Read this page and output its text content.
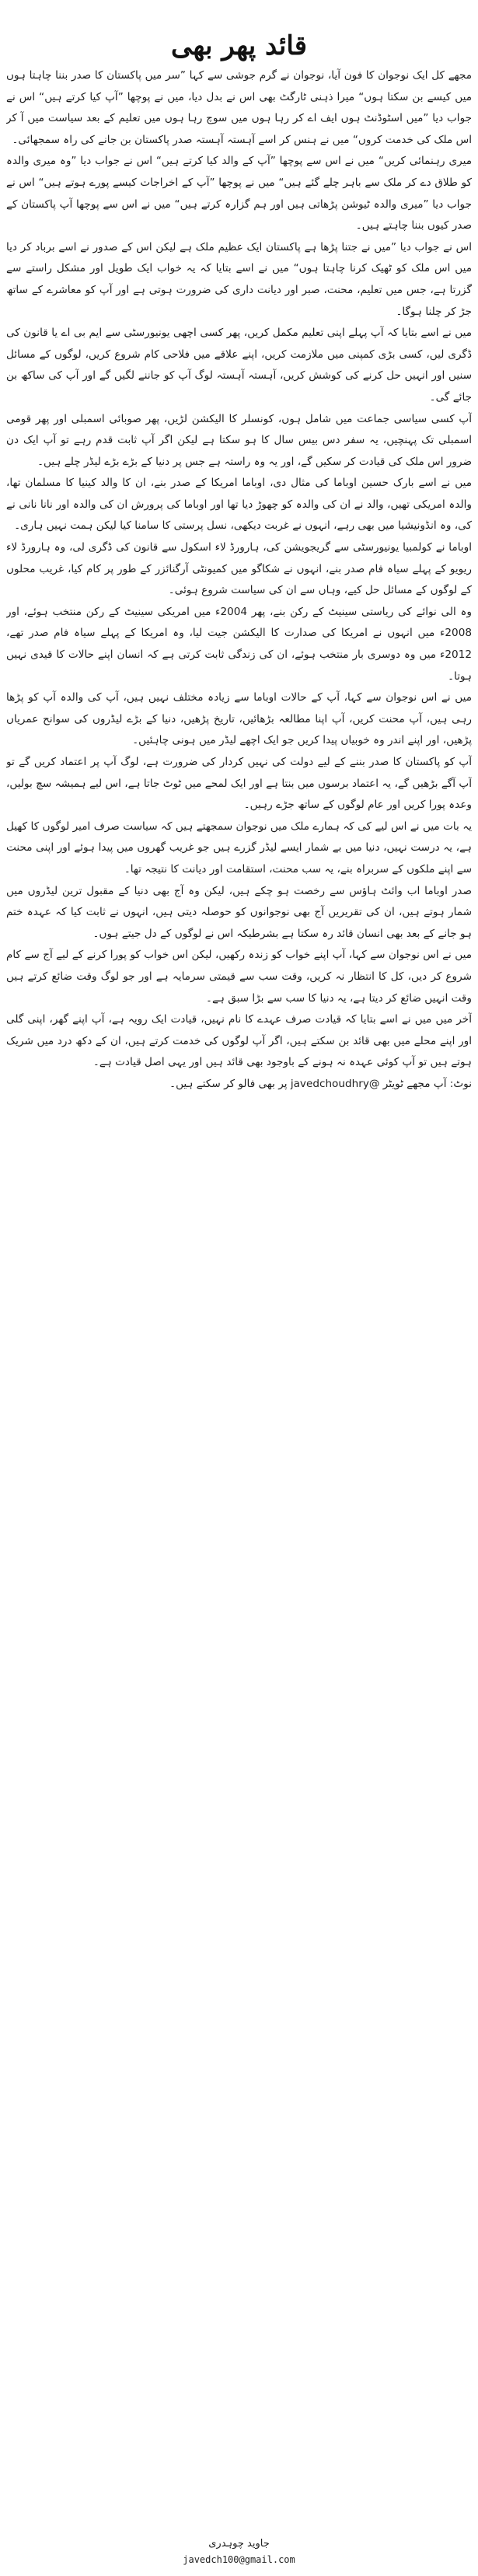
قائد پھر بھی

مجھے کل ایک نوجوان کا فون آیا، نوجوان نے گرم جوشی سے کہا ”سر میں پاکستان کا صدر بننا چاہتا ہوں میں کیسے بن سکتا ہوں“ میرا ذہنی ٹارگٹ بھی اس نے بدل دیا، میں نے پوچھا ”آپ کیا کرتے ہیں“ اس نے جواب دیا ”میں اسٹوڈنٹ ہوں ایف اے کر رہا ہوں میں سوچ رہا ہوں میں تعلیم کے بعد سیاست میں آ کر اس ملک کی خدمت کروں“ میں نے ہنس کر اسے آہستہ آہستہ صدر پاکستان بن جانے کی راہ سمجھائی۔

میری رہنمائی کریں“ میں نے اس سے پوچھا ”آپ کے والد کیا کرتے ہیں“ اس نے جواب دیا ”وہ میری والدہ کو طلاق دے کر ملک سے باہر چلے گئے ہیں“ میں نے پوچھا ”آپ کے اخراجات کیسے پورے ہوتے ہیں“ اس نے جواب دیا ”میری والدہ ٹیوشن پڑھاتی ہیں اور ہم گزارہ کرتے ہیں“ میں نے اس سے پوچھا آپ پاکستان کے صدر کیوں بننا چاہتے ہیں۔

اس نے جواب دیا ”میں نے جتنا پڑھا ہے پاکستان ایک عظیم ملک ہے لیکن اس کے صدور نے اسے برباد کر دیا میں اس ملک کو ٹھیک کرنا چاہتا ہوں“ میں نے اسے بتایا کہ یہ خواب ایک طویل اور مشکل راستے سے گزرتا ہے، جس میں تعلیم، محنت، صبر اور دیانت داری کی ضرورت ہوتی ہے اور آپ کو معاشرے کے ساتھ جڑ کر چلنا ہوگا۔

میں نے اسے بتایا کہ آپ پہلے اپنی تعلیم مکمل کریں، پھر کسی اچھی یونیورسٹی سے ایم بی اے یا قانون کی ڈگری لیں، کسی بڑی کمپنی میں ملازمت کریں، اپنے علاقے میں فلاحی کام شروع کریں، لوگوں کے مسائل سنیں اور انہیں حل کرنے کی کوشش کریں، آہستہ آہستہ لوگ آپ کو جاننے لگیں گے اور آپ کی ساکھ بن جائے گی۔

آپ کسی سیاسی جماعت میں شامل ہوں، کونسلر کا الیکشن لڑیں، پھر صوبائی اسمبلی اور پھر قومی اسمبلی تک پہنچیں، یہ سفر دس بیس سال کا ہو سکتا ہے لیکن اگر آپ ثابت قدم رہے تو آپ ایک دن ضرور اس ملک کی قیادت کر سکیں گے، اور یہ وہ راستہ ہے جس پر دنیا کے بڑے بڑے لیڈر چلے ہیں۔

میں نے اسے بارک حسین اوباما کی مثال دی، اوباما امریکا کے صدر بنے، ان کا والد کینیا کا مسلمان تھا، والدہ امریکی تھیں، والد نے ان کی والدہ کو چھوڑ دیا تھا اور اوباما کی پرورش ان کی والدہ اور نانا نانی نے کی، وہ انڈونیشیا میں بھی رہے، انہوں نے غربت دیکھی، نسل پرستی کا سامنا کیا لیکن ہمت نہیں ہاری۔

اوباما نے کولمبیا یونیورسٹی سے گریجویشن کی، ہارورڈ لاء اسکول سے قانون کی ڈگری لی، وہ ہارورڈ لاء ریویو کے پہلے سیاہ فام صدر بنے، انہوں نے شکاگو میں کمیونٹی آرگنائزر کے طور پر کام کیا، غریب محلوں کے لوگوں کے مسائل حل کیے، وہاں سے ان کی سیاست شروع ہوئی۔

وہ الی نوائے کی ریاستی سینیٹ کے رکن بنے، پھر 2004ء میں امریکی سینیٹ کے رکن منتخب ہوئے، اور 2008ء میں انہوں نے امریکا کی صدارت کا الیکشن جیت لیا، وہ امریکا کے پہلے سیاہ فام صدر تھے، 2012ء میں وہ دوسری بار منتخب ہوئے، ان کی زندگی ثابت کرتی ہے کہ انسان اپنے حالات کا قیدی نہیں ہوتا۔

میں نے اس نوجوان سے کہا، آپ کے حالات اوباما سے زیادہ مختلف نہیں ہیں، آپ کی والدہ آپ کو پڑھا رہی ہیں، آپ محنت کریں، آپ اپنا مطالعہ بڑھائیں، تاریخ پڑھیں، دنیا کے بڑے لیڈروں کی سوانح عمریاں پڑھیں، اور اپنے اندر وہ خوبیاں پیدا کریں جو ایک اچھے لیڈر میں ہونی چاہئیں۔

آپ کو پاکستان کا صدر بننے کے لیے دولت کی نہیں کردار کی ضرورت ہے، لوگ آپ پر اعتماد کریں گے تو آپ آگے بڑھیں گے، یہ اعتماد برسوں میں بنتا ہے اور ایک لمحے میں ٹوٹ جاتا ہے، اس لیے ہمیشہ سچ بولیں، وعدہ پورا کریں اور عام لوگوں کے ساتھ جڑے رہیں۔

یہ بات میں نے اس لیے کی کہ ہمارے ملک میں نوجوان سمجھتے ہیں کہ سیاست صرف امیر لوگوں کا کھیل ہے، یہ درست نہیں، دنیا میں بے شمار ایسے لیڈر گزرے ہیں جو غریب گھروں میں پیدا ہوئے اور اپنی محنت سے اپنے ملکوں کے سربراہ بنے، یہ سب محنت، استقامت اور دیانت کا نتیجہ تھا۔

صدر اوباما اب وائٹ ہاؤس سے رخصت ہو چکے ہیں، لیکن وہ آج بھی دنیا کے مقبول ترین لیڈروں میں شمار ہوتے ہیں، ان کی تقریریں آج بھی نوجوانوں کو حوصلہ دیتی ہیں، انہوں نے ثابت کیا کہ عہدہ ختم ہو جانے کے بعد بھی انسان قائد رہ سکتا ہے بشرطیکہ اس نے لوگوں کے دل جیتے ہوں۔

میں نے اس نوجوان سے کہا، آپ اپنے خواب کو زندہ رکھیں، لیکن اس خواب کو پورا کرنے کے لیے آج سے کام شروع کر دیں، کل کا انتظار نہ کریں، وقت سب سے قیمتی سرمایہ ہے اور جو لوگ وقت ضائع کرتے ہیں وقت انہیں ضائع کر دیتا ہے، یہ دنیا کا سب سے بڑا سبق ہے۔

آخر میں میں نے اسے بتایا کہ قیادت صرف عہدے کا نام نہیں، قیادت ایک رویہ ہے، آپ اپنے گھر، اپنی گلی اور اپنے محلے میں بھی قائد بن سکتے ہیں، اگر آپ لوگوں کی خدمت کرتے ہیں، ان کے دکھ درد میں شریک ہوتے ہیں تو آپ کوئی عہدہ نہ ہونے کے باوجود بھی قائد ہیں اور یہی اصل قیادت ہے۔

نوٹ: آپ مجھے ٹویٹر @javedchoudhry پر بھی فالو کر سکتے ہیں۔

جاوید چوہدری
javedch100@gmail.com
